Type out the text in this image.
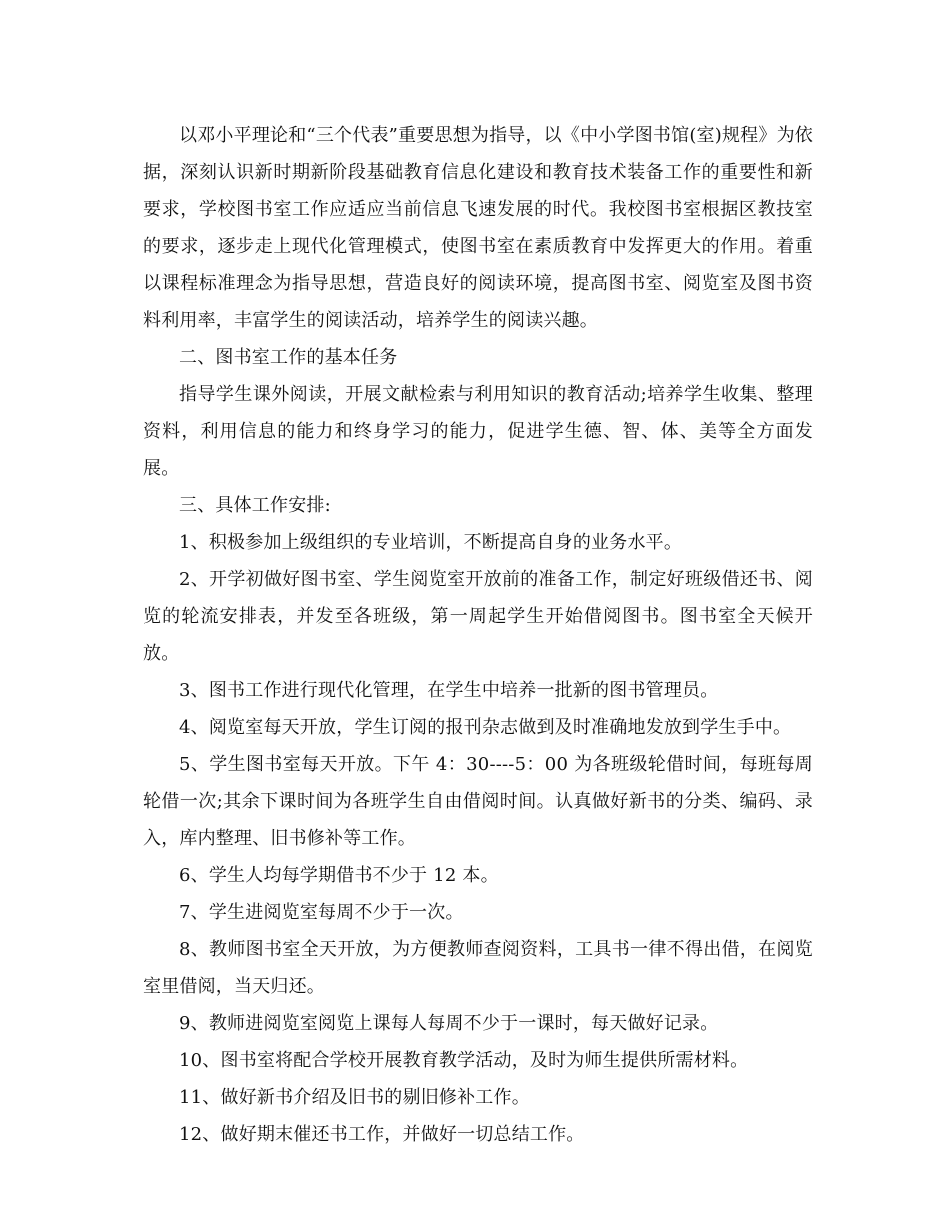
以邓小平理论和“三个代表”重要思想为指导，以《中小学图书馆(室)规程》为依据，深刻认识新时期新阶段基础教育信息化建设和教育技术装备工作的重要性和新要求，学校图书室工作应适应当前信息飞速发展的时代。我校图书室根据区教技室的要求，逐步走上现代化管理模式，使图书室在素质教育中发挥更大的作用。着重以课程标准理念为指导思想，营造良好的阅读环境，提高图书室、阅览室及图书资料利用率，丰富学生的阅读活动，培养学生的阅读兴趣。

二、图书室工作的基本任务

指导学生课外阅读，开展文献检索与利用知识的教育活动;培养学生收集、整理资料，利用信息的能力和终身学习的能力，促进学生德、智、体、美等全方面发展。

三、具体工作安排:

1、积极参加上级组织的专业培训，不断提高自身的业务水平。

2、开学初做好图书室、学生阅览室开放前的准备工作，制定好班级借还书、阅览的轮流安排表，并发至各班级，第一周起学生开始借阅图书。图书室全天候开放。

3、图书工作进行现代化管理，在学生中培养一批新的图书管理员。

4、阅览室每天开放，学生订阅的报刊杂志做到及时准确地发放到学生手中。

5、学生图书室每天开放。下午 4：30----5：00 为各班级轮借时间，每班每周轮借一次;其余下课时间为各班学生自由借阅时间。认真做好新书的分类、编码、录入，库内整理、旧书修补等工作。

6、学生人均每学期借书不少于 12 本。

7、学生进阅览室每周不少于一次。

8、教师图书室全天开放，为方便教师查阅资料，工具书一律不得出借，在阅览室里借阅，当天归还。

9、教师进阅览室阅览上课每人每周不少于一课时，每天做好记录。

10、图书室将配合学校开展教育教学活动，及时为师生提供所需材料。

11、做好新书介绍及旧书的剔旧修补工作。

12、做好期末催还书工作，并做好一切总结工作。
